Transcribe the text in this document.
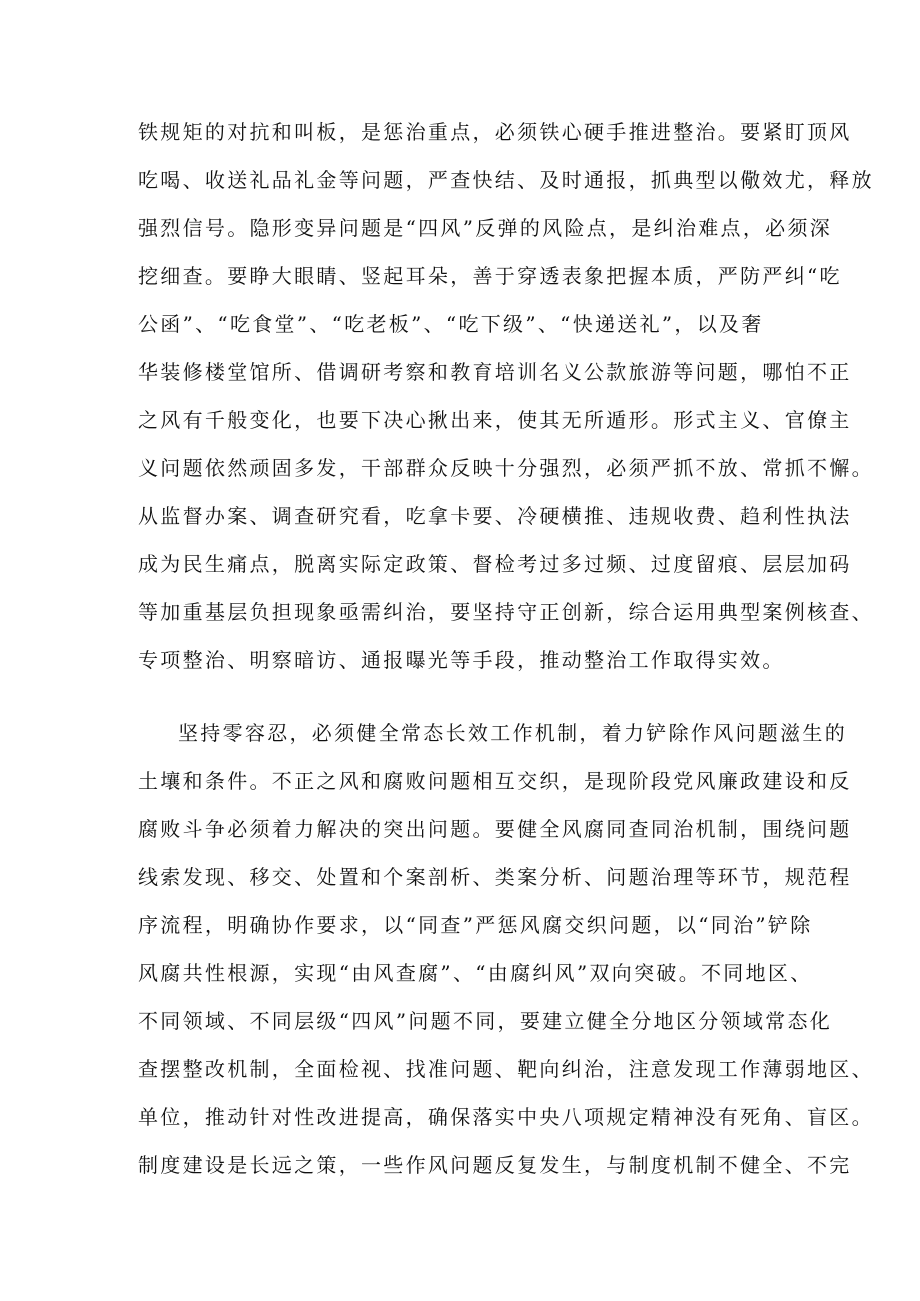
铁规矩的对抗和叫板，是惩治重点，必须铁心硬手推进整治。要紧盯顶风
吃喝、收送礼品礼金等问题，严查快结、及时通报，抓典型以儆效尤，释放
强烈信号。隐形变异问题是“四风”反弹的风险点，是纠治难点，必须深
挖细查。要睁大眼睛、竖起耳朵，善于穿透表象把握本质，严防严纠“吃
公函”、“吃食堂”、“吃老板”、“吃下级”、“快递送礼”，以及奢
华装修楼堂馆所、借调研考察和教育培训名义公款旅游等问题，哪怕不正
之风有千般变化，也要下决心揪出来，使其无所遁形。形式主义、官僚主
义问题依然顽固多发，干部群众反映十分强烈，必须严抓不放、常抓不懈。
从监督办案、调查研究看，吃拿卡要、冷硬横推、违规收费、趋利性执法
成为民生痛点，脱离实际定政策、督检考过多过频、过度留痕、层层加码
等加重基层负担现象亟需纠治，要坚持守正创新，综合运用典型案例核查、
专项整治、明察暗访、通报曝光等手段，推动整治工作取得实效。
坚持零容忍，必须健全常态长效工作机制，着力铲除作风问题滋生的
土壤和条件。不正之风和腐败问题相互交织，是现阶段党风廉政建设和反
腐败斗争必须着力解决的突出问题。要健全风腐同查同治机制，围绕问题
线索发现、移交、处置和个案剖析、类案分析、问题治理等环节，规范程
序流程，明确协作要求，以“同查”严惩风腐交织问题，以“同治”铲除
风腐共性根源，实现“由风查腐”、“由腐纠风”双向突破。不同地区、
不同领域、不同层级“四风”问题不同，要建立健全分地区分领域常态化
查摆整改机制，全面检视、找准问题、靶向纠治，注意发现工作薄弱地区、
单位，推动针对性改进提高，确保落实中央八项规定精神没有死角、盲区。
制度建设是长远之策，一些作风问题反复发生，与制度机制不健全、不完
